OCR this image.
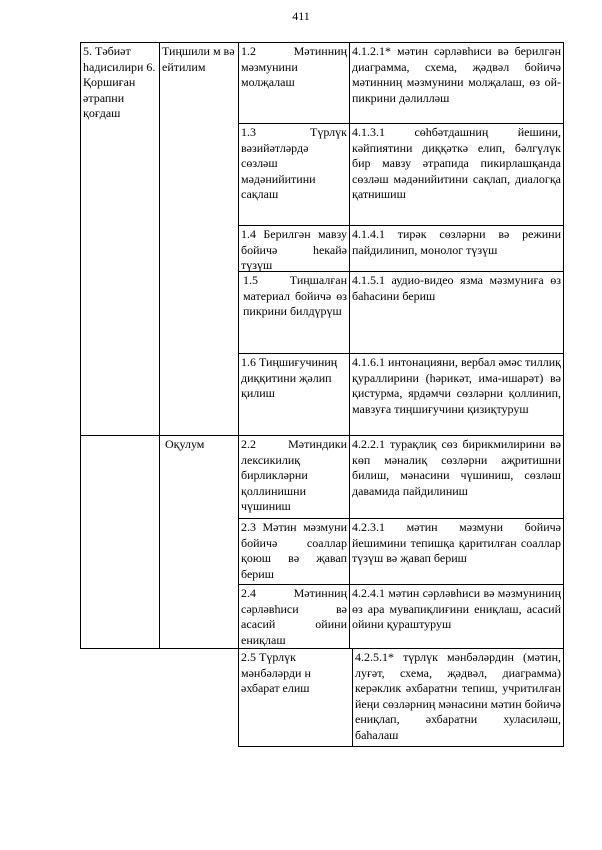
411
5. Тәбиәт һадисилири 6. Қоршиған әтрапни қоғдаш
Тиңшили м вә ейтилим
Оқулум
1.2 Мәтинниң мәзмунини молҗалаш
1.3 Түрлүк вәзийәтләрдә сөзләш мәдәнийитини сақлаш
1.4 Берилгән мавзу бойичә һекайә түзүш
1.5 Тиңшалған материал бойичә өз пикрини билдүрүш
1.6 Тиңшиғучиниң диққитини җәлип қилиш
2.2 Мәтиндики лексикилиқ бирликләрни қоллинишни чүшиниш
2.3 Мәтин мәзмуни бойичә соаллар қоюш вә җавап бериш
2.4 Мәтинниң сәрләвһиси вә асасий ойини ениқлаш
2.5 Түрлүк мәнбәләрди н әхбарат елиш
4.1.2.1* мәтин сәрләвһиси вә берилгән диаграмма, схема, җәдвәл бойичә мәтинниң мәзмунини молҗалаш, өз ой-пикрини дәлилләш
4.1.3.1 сөһбәтдашниң йешини, кәйпиятини диққәткә елип, бәлгүлүк бир мавзу әтрапида пикирлашқанда сөзләш мәдәнийитини сақлап, диалогқа қатнишиш
4.1.4.1 тирәк сөзләрни вә режини пайдилинип, монолог түзүш
4.1.5.1 аудио-видео язма мәзмуниға өз баһасини бериш
4.1.6.1 интонацияни, вербал әмәс тиллиқ қураллирини (һәрикәт, има-ишарәт) вә қистурма, ярдәмчи сөзләрни қоллинип, мавзуға тиңшиғучини қизиқтуруш
4.2.2.1 турақлиқ сөз бирикмилирини вә көп мәналиқ сөзләрни аҗритишни билиш, мәнасини чүшиниш, сөзләш давамида пайдилиниш
4.2.3.1 мәтин мәзмуни бойичә йешимини тепишқа қаритилған соаллар түзүш вә җавап бериш
4.2.4.1 мәтин сәрләвһиси вә мәзмуниниң өз ара мувапиқлиғини ениқлаш, асасий ойини қураштуруш
4.2.5.1* түрлүк мәнбәләрдин (мәтин, луғәт, схема, җәдвәл, диаграмма) керәклик әхбаратни тепиш, учритилған йеңи сөзләрниң мәнасини мәтин бойичә ениқлап, әхбаратни хуласиләш, баһалаш
